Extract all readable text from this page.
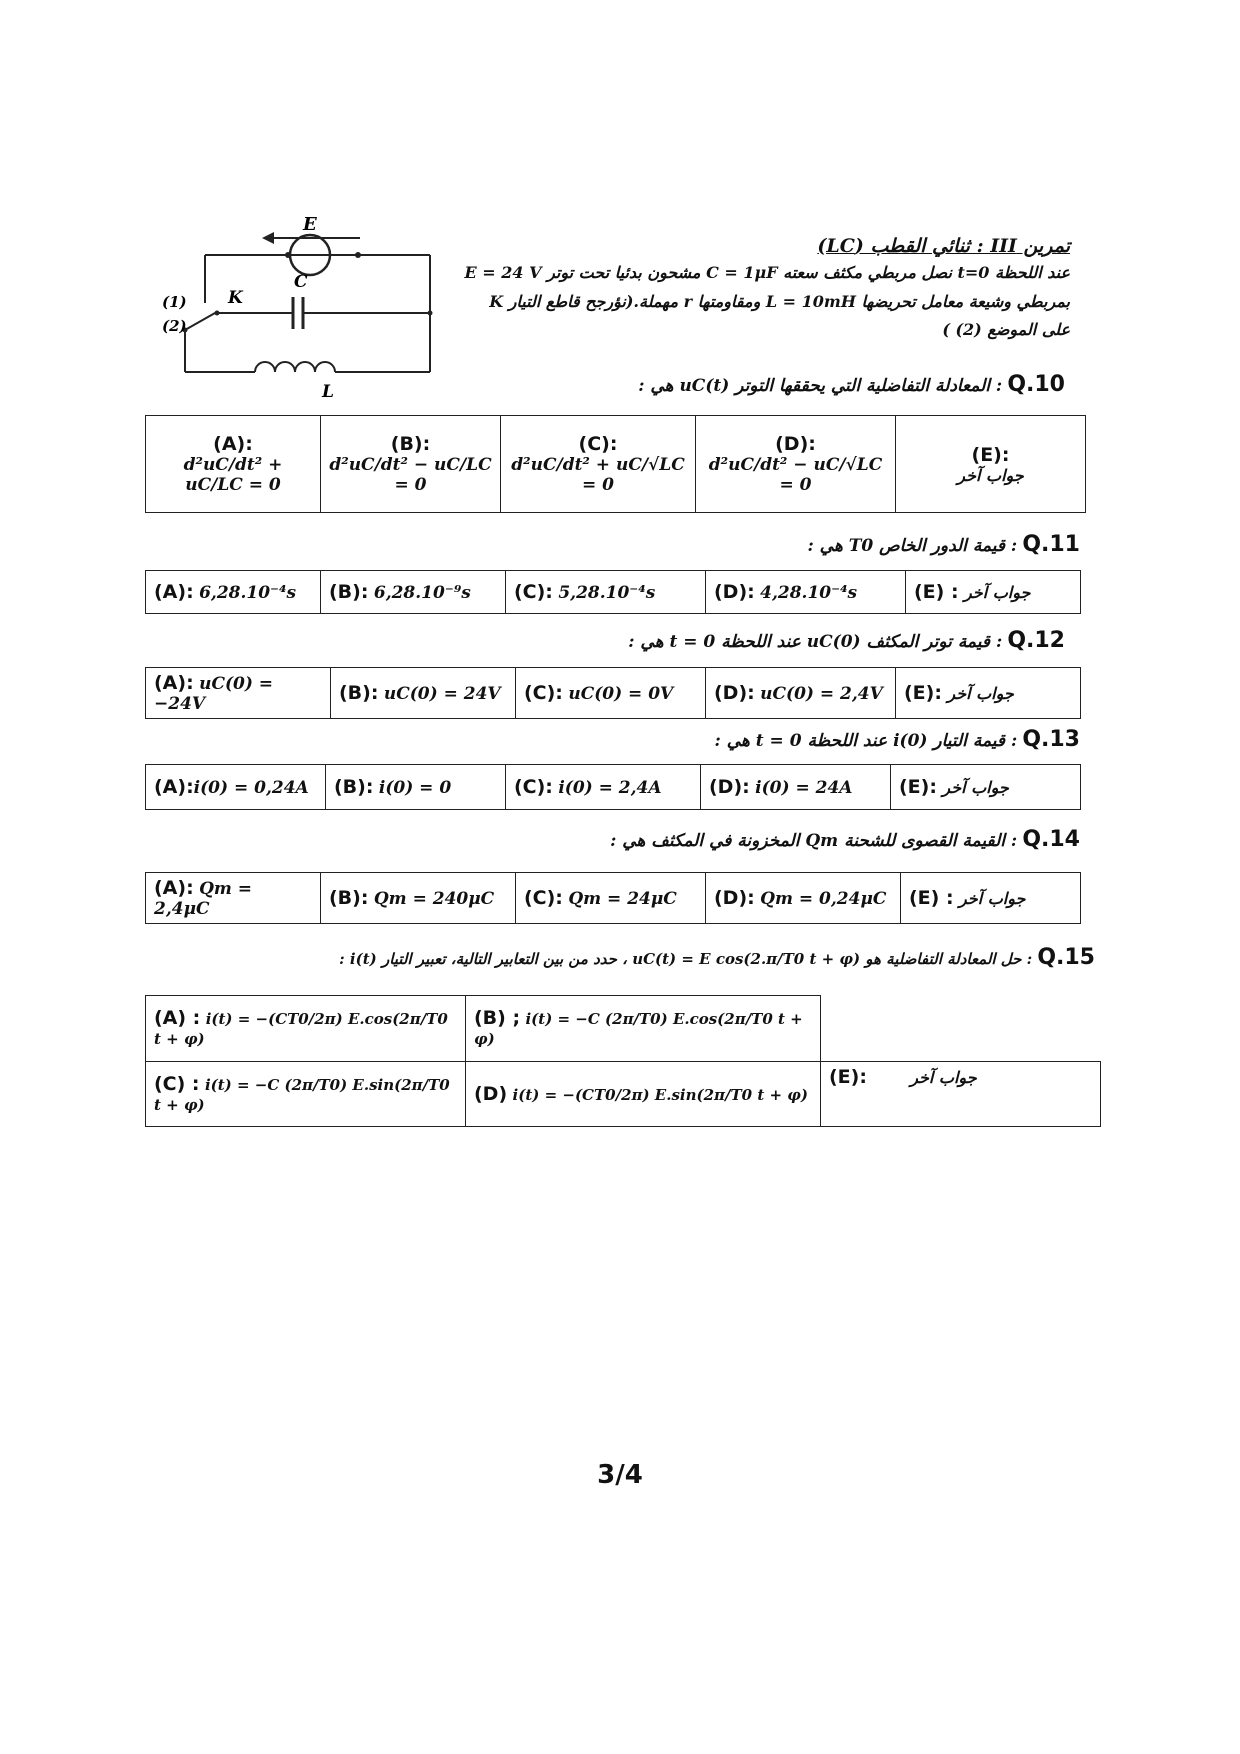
E
C
K
L
(1)
(2)
تمرين III : ثنائي القطب (LC)
عند اللحظة t=0 نصل مربطي مكثف سعته C = 1μF مشحون بدئيا تحت توتر E = 24 V
بمربطي وشيعة معامل تحريضها L = 10mH ومقاومتها r مهملة.(نؤرجح قاطع التيار K
على الموضع (2) )
Q.10 : المعادلة التفاضلية التي يحققها التوتر uC(t) هي :
(A):
d²uC/dt² + uC/LC = 0

(B):
d²uC/dt² − uC/LC = 0

(C):
d²uC/dt² + uC/√LC = 0

(D):
d²uC/dt² − uC/√LC = 0

(E):
جواب آخر
Q.11 : قيمة الدور الخاص T0 هي :
(A): 6,28.10⁻⁴s	(B): 6,28.10⁻⁹s	(C): 5,28.10⁻⁴s	(D): 4,28.10⁻⁴s	(E) : جواب آخر
Q.12 : قيمة توتر المكثف uC(0) عند اللحظة t = 0 هي :
(A): uC(0) = −24V	(B): uC(0) = 24V	(C): uC(0) = 0V	(D): uC(0) = 2,4V	(E): جواب آخر
Q.13 : قيمة التيار i(0) عند اللحظة t = 0 هي :
(A):i(0) = 0,24A	(B): i(0) = 0	(C): i(0) = 2,4A	(D): i(0) = 24A	(E): جواب آخر
Q.14 : القيمة القصوى للشحنة Qm المخزونة في المكثف هي :
(A): Qm = 2,4μC	(B): Qm = 240μC	(C): Qm = 24μC	(D): Qm = 0,24μC	(E) : جواب آخر
Q.15 : حل المعادلة التفاضلية هو uC(t) = E cos(2.π/T0 t + φ) ، حدد من بين التعابير التالية، تعبير التيار i(t) :
(A) : i(t) = −(CT0/2π) E.cos(2π/T0 t + φ)	(B) ; i(t) = −C (2π/T0) E.cos(2π/T0 t + φ)	
(C) : i(t) = −C (2π/T0) E.sin(2π/T0 t + φ)	(D) i(t) = −(CT0/2π) E.sin(2π/T0 t + φ)	(E): جواب آخر
3/4
